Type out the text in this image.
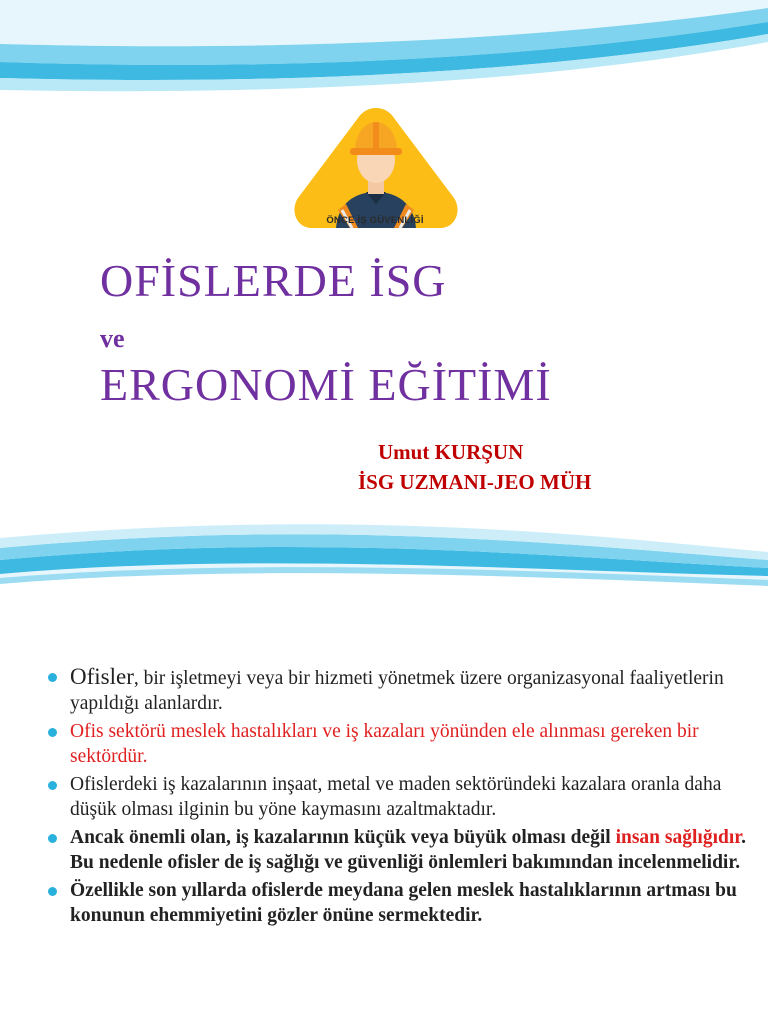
ÖNCE İŞ GÜVENLİĞİ
OFİSLERDE İSG
ve
ERGONOMİ EĞİTİMİ
Umut KURŞUN
İSG UZMANI-JEO MÜH
Ofisler, bir işletmeyi veya bir hizmeti yönetmek üzere organizasyonal faaliyetlerin yapıldığı alanlardır.
Ofis sektörü meslek hastalıkları ve iş kazaları yönünden ele alınması gereken bir sektördür.
Ofislerdeki iş kazalarının inşaat, metal ve maden sektöründeki kazalara oranla daha düşük olması ilginin bu yöne kaymasını azaltmaktadır.
Ancak önemli olan, iş kazalarının küçük veya büyük olması değil insan sağlığıdır. Bu nedenle ofisler de iş sağlığı ve güvenliği önlemleri bakımından incelenmelidir.
Özellikle son yıllarda ofislerde meydana gelen meslek hastalıklarının artması bu konunun ehemmiyetini gözler önüne sermektedir.
